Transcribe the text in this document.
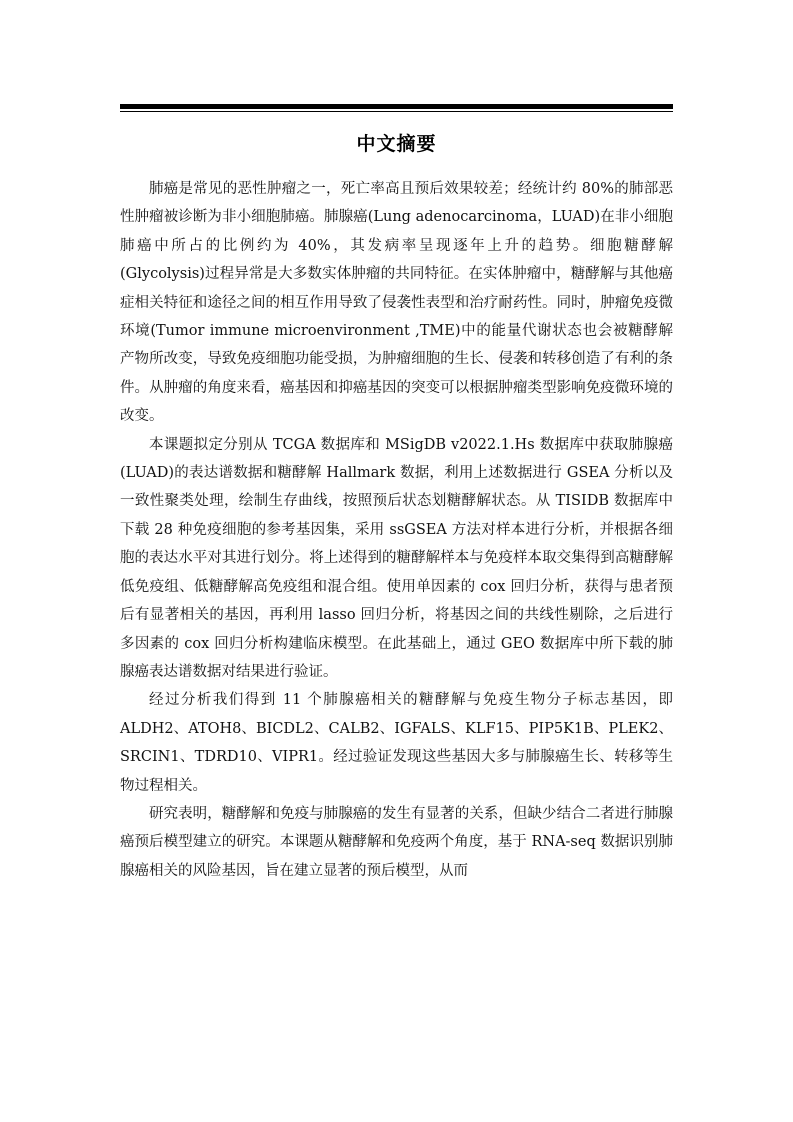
中文摘要

肺癌是常见的恶性肿瘤之一，死亡率高且预后效果较差；经统计约 80%的肺部恶性肿瘤被诊断为非小细胞肺癌。肺腺癌(Lung adenocarcinoma，LUAD)在非小细胞肺癌中所占的比例约为 40%，其发病率呈现逐年上升的趋势。细胞糖酵解(Glycolysis)过程异常是大多数实体肿瘤的共同特征。在实体肿瘤中，糖酵解与其他癌症相关特征和途径之间的相互作用导致了侵袭性表型和治疗耐药性。同时，肿瘤免疫微环境(Tumor immune microenvironment ,TME)中的能量代谢状态也会被糖酵解产物所改变，导致免疫细胞功能受损，为肿瘤细胞的生长、侵袭和转移创造了有利的条件。从肿瘤的角度来看，癌基因和抑癌基因的突变可以根据肿瘤类型影响免疫微环境的改变。

本课题拟定分别从 TCGA 数据库和 MSigDB v2022.1.Hs 数据库中获取肺腺癌(LUAD)的表达谱数据和糖酵解 Hallmark 数据，利用上述数据进行 GSEA 分析以及一致性聚类处理，绘制生存曲线，按照预后状态划糖酵解状态。从 TISIDB 数据库中下载 28 种免疫细胞的参考基因集，采用 ssGSEA 方法对样本进行分析，并根据各细胞的表达水平对其进行划分。将上述得到的糖酵解样本与免疫样本取交集得到高糖酵解低免疫组、低糖酵解高免疫组和混合组。使用单因素的 cox 回归分析，获得与患者预后有显著相关的基因，再利用 lasso 回归分析，将基因之间的共线性剔除，之后进行多因素的 cox 回归分析构建临床模型。在此基础上，通过 GEO 数据库中所下载的肺腺癌表达谱数据对结果进行验证。

经过分析我们得到 11 个肺腺癌相关的糖酵解与免疫生物分子标志基因，即 ALDH2、ATOH8、BICDL2、CALB2、IGFALS、KLF15、PIP5K1B、PLEK2、SRCIN1、TDRD10、VIPR1。经过验证发现这些基因大多与肺腺癌生长、转移等生物过程相关。

研究表明，糖酵解和免疫与肺腺癌的发生有显著的关系，但缺少结合二者进行肺腺癌预后模型建立的研究。本课题从糖酵解和免疫两个角度，基于 RNA-seq 数据识别肺腺癌相关的风险基因，旨在建立显著的预后模型，从而
